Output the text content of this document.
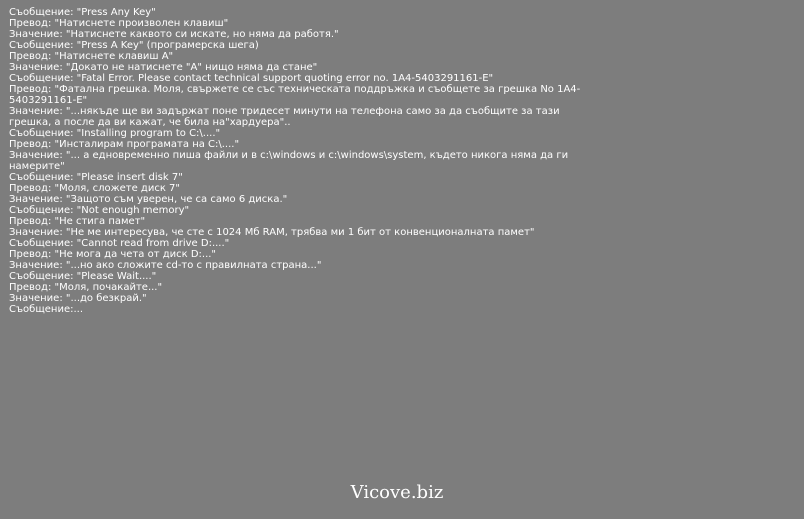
Съобщение: "Press Any Key"
Превод: "Натиснете произволен клавиш"
Значение: "Натиснете каквото си искате, но няма да работя."
Съобщение: "Press A Key" (програмерска шега)
Превод: "Натиснете клавиш А"
Значение: "Докато не натиснете "А" нищо няма да стане"
Съобщение: "Fatal Error. Please contact technical support quoting error no. 1A4-5403291161-E"
Превод: "Фатална грешка. Моля, свържете се със техническата поддръжка и съобщете за грешка No 1A4-5403291161-E"
Значение: "...някъде ще ви задържат поне тридесет минути на телефона само за да съобщите за тази грешка, а после да ви кажат, че била на"хардуера"..
Съобщение: "Installing program to C:\...."
Превод: "Инсталирам програмата на C:\...."
Значение: "... а едновременно пиша файли и в c:\windows и c:\windows\system, където никога няма да ги намерите"
Съобщение: "Please insert disk 7"
Превод: "Моля, сложете диск 7"
Значение: "Защото съм уверен, че са само 6 диска."
Съобщение: "Not enough memory"
Превод: "Не стига памет"
Значение: "Не ме интересува, че сте с 1024 Мб RAM, трябва ми 1 бит от конвенционалната памет"
Съобщение: "Cannot read from drive D:...."
Превод: "Не мога да чета от диск D:..."
Значение: "...но ако сложите cd-то с правилната страна..."
Съобщение: "Please Wait...."
Превод: "Моля, почакайте..."
Значение: "...до безкрай."
Съобщение:...
Vicove.biz
